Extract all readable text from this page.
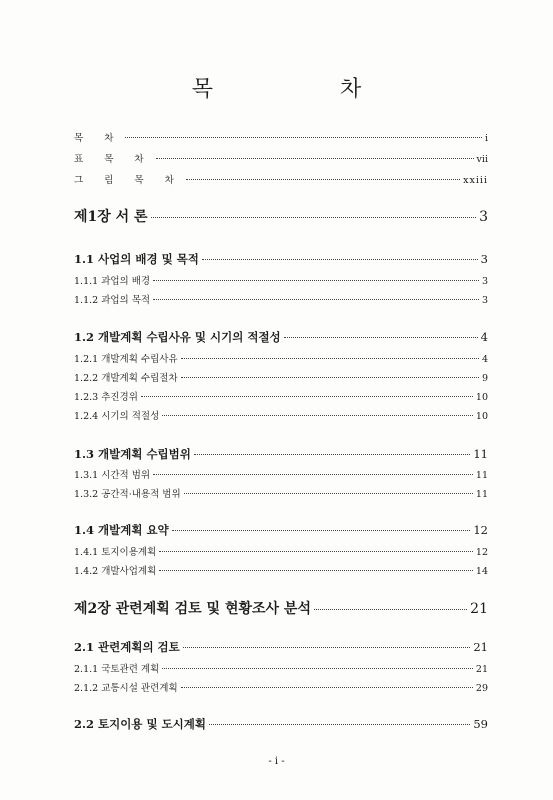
목 차
목 차	i
표 목 차	vii
그 림 목 차	xxiii
제1장 서 론	3
1.1 사업의 배경 및 목적	3
1.1.1 과업의 배경	3
1.1.2 과업의 목적	3
1.2 개발계획 수립사유 및 시기의 적절성	4
1.2.1 개발계획 수립사유	4
1.2.2 개발계획 수립절차	9
1.2.3 추진경위	10
1.2.4 시기의 적절성	10
1.3 개발계획 수립범위	11
1.3.1 시간적 범위	11
1.3.2 공간적·내용적 범위	11
1.4 개발계획 요약	12
1.4.1 토지이용계획	12
1.4.2 개발사업계획	14
제2장 관련계획 검토 및 현황조사 분석	21
2.1 관련계획의 검토	21
2.1.1 국토관련 계획	21
2.1.2 교통시설 관련계획	29
2.2 토지이용 및 도시계획	59
- i -
